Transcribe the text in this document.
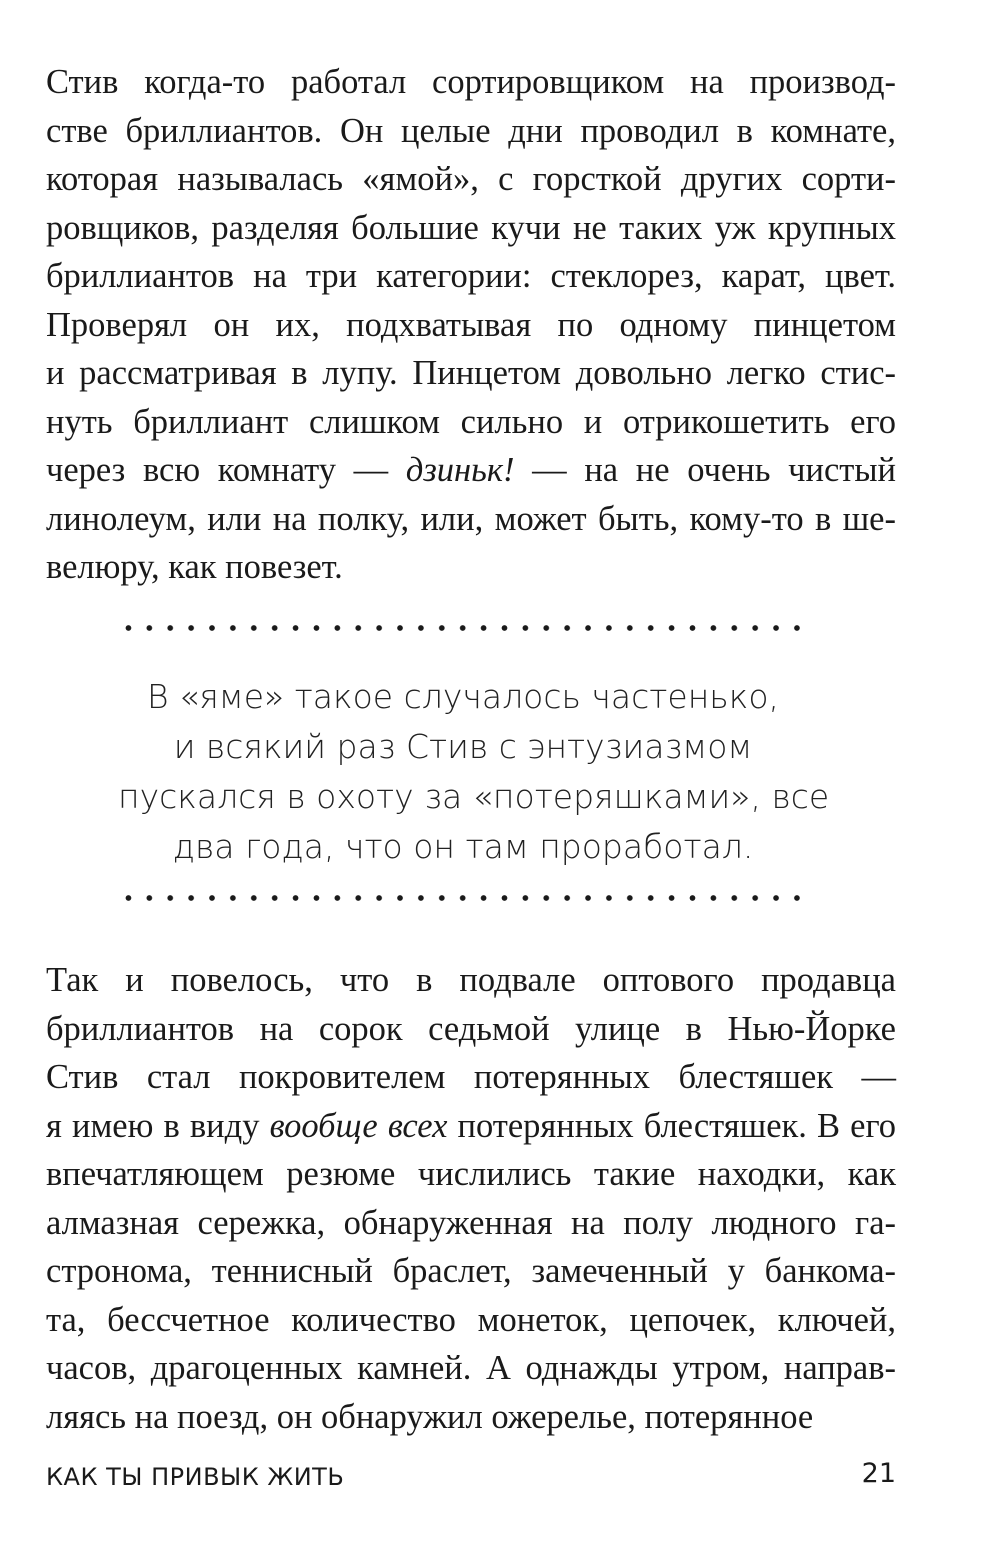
Стив когда-то работал сортировщиком на производ-
стве бриллиантов. Он целые дни проводил в комнате,
которая называлась «ямой», с горсткой других сорти-
ровщиков, разделяя большие кучи не таких уж крупных
бриллиантов на три категории: стеклорез, карат, цвет.
Проверял он их, подхватывая по одному пинцетом
и рассматривая в лупу. Пинцетом довольно легко стис-
нуть бриллиант слишком сильно и отрикошетить его
через всю комнату — дзиньк! — на не очень чистый
линолеум, или на полку, или, может быть, кому-то в ше-
велюру, как повезет.
В «яме» такое случалось частенько,
и всякий раз Стив с энтузиазмом
пускался в охоту за «потеряшками», все
два года, что он там проработал.
Так и повелось, что в подвале оптового продавца
бриллиантов на сорок седьмой улице в Нью-Йорке
Стив стал покровителем потерянных блестяшек —
я имею в виду вообще всех потерянных блестяшек. В его
впечатляющем резюме числились такие находки, как
алмазная сережка, обнаруженная на полу людного га-
стронома, теннисный браслет, замеченный у банкома-
та, бессчетное количество монеток, цепочек, ключей,
часов, драгоценных камней. А однажды утром, направ-
ляясь на поезд, он обнаружил ожерелье, потерянное
КАК ТЫ ПРИВЫК ЖИТЬ	21
